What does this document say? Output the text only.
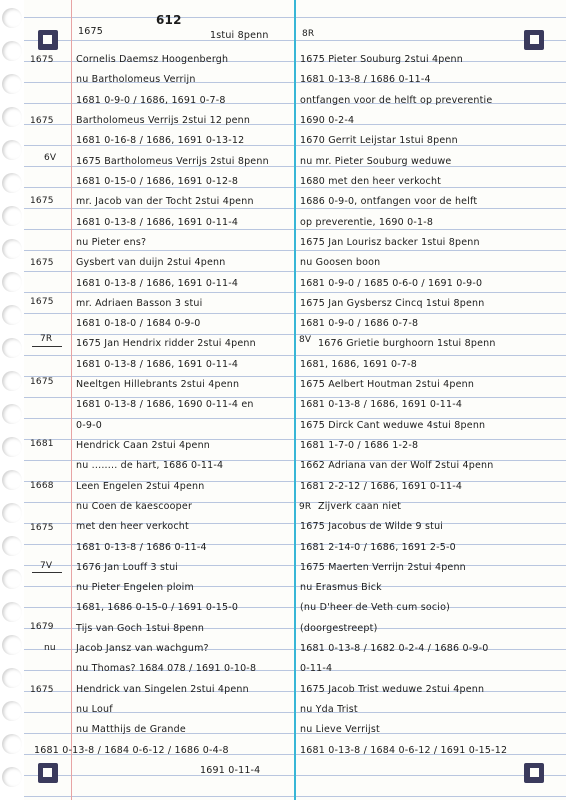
1675
612
1stui 8penn
1675
1675
6V
1675
1675
1675
7R
1675
1681
1668
1675
7V
1679
nu
1675
Cornelis Daemsz Hoogenbergh
nu Bartholomeus Verrijn
1681 0-9-0 / 1686, 1691 0-7-8
Bartholomeus Verrijs 2stui 12 penn
1681 0-16-8 / 1686, 1691 0-13-12
1675 Bartholomeus Verrijs 2stui 8penn
1681 0-15-0 / 1686, 1691 0-12-8
mr. Jacob van der Tocht 2stui 4penn
1681 0-13-8 / 1686, 1691 0-11-4
nu Pieter ens?
Gysbert van duijn 2stui 4penn
1681 0-13-8 / 1686, 1691 0-11-4
mr. Adriaen Basson 3 stui
1681 0-18-0 / 1684 0-9-0
1675 Jan Hendrix ridder 2stui 4penn
1681 0-13-8 / 1686, 1691 0-11-4
Neeltgen Hillebrants 2stui 4penn
1681 0-13-8 / 1686, 1690 0-11-4 en
0-9-0
Hendrick Caan 2stui 4penn
nu ........ de hart, 1686 0-11-4
Leen Engelen 2stui 4penn
nu Coen de kaescooper
met den heer verkocht
1681 0-13-8 / 1686 0-11-4
1676 Jan Louff 3 stui
nu Pieter Engelen ploim
1681, 1686 0-15-0 / 1691 0-15-0
Tijs van Goch 1stui 8penn
Jacob Jansz van wachgum?
nu Thomas? 1684 078 / 1691 0-10-8
Hendrick van Singelen 2stui 4penn
nu Louf
nu Matthijs de Grande
1681 0-13-8 / 1684 0-6-12 / 1686 0-4-8
1691 0-11-4
8R
8V
9R
1675 Pieter Souburg 2stui 4penn
1681 0-13-8 / 1686 0-11-4
ontfangen voor de helft op preverentie
1690 0-2-4
1670 Gerrit Leijstar 1stui 8penn
nu mr. Pieter Souburg weduwe
1680 met den heer verkocht
1686 0-9-0, ontfangen voor de helft
op preverentie, 1690 0-1-8
1675 Jan Lourisz backer 1stui 8penn
nu Goosen boon
1681 0-9-0 / 1685 0-6-0 / 1691 0-9-0
1675 Jan Gysbersz Cincq 1stui 8penn
1681 0-9-0 / 1686 0-7-8
1676 Grietie burghoorn 1stui 8penn
1681, 1686, 1691 0-7-8
1675 Aelbert Houtman 2stui 4penn
1681 0-13-8 / 1686, 1691 0-11-4
1675 Dirck Cant weduwe 4stui 8penn
1681 1-7-0 / 1686 1-2-8
1662 Adriana van der Wolf 2stui 4penn
1681 2-2-12 / 1686, 1691 0-11-4
Zijverk caan niet
1675 Jacobus de Wilde 9 stui
1681 2-14-0 / 1686, 1691 2-5-0
1675 Maerten Verrijn 2stui 4penn
nu Erasmus Bick
(nu D'heer de Veth cum socio)
(doorgestreept)
1681 0-13-8 / 1682 0-2-4 / 1686 0-9-0
0-11-4
1675 Jacob Trist weduwe 2stui 4penn
nu Yda Trist
nu Lieve Verrijst
1681 0-13-8 / 1684 0-6-12 / 1691 0-15-12
